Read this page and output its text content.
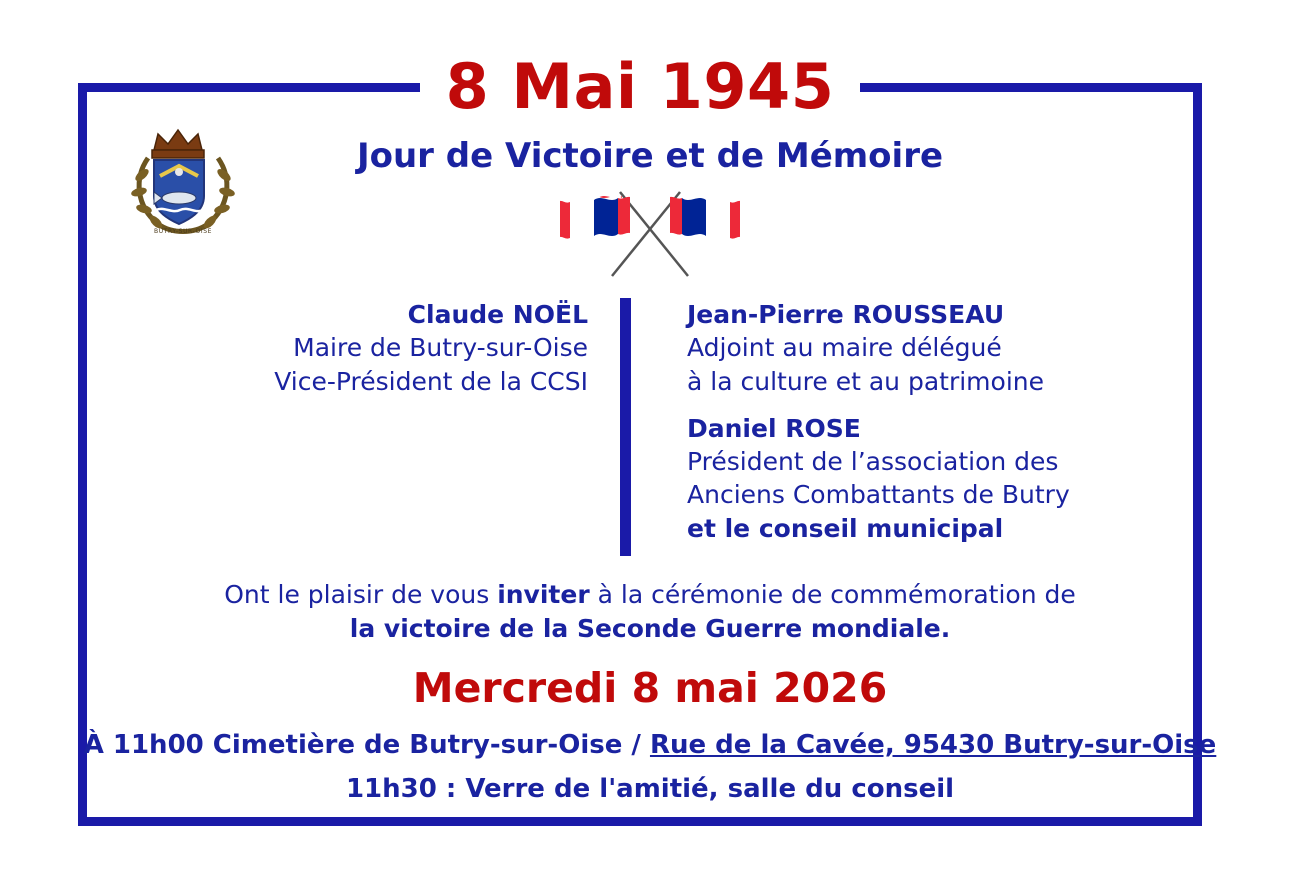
8 Mai 1945
Jour de Victoire et de Mémoire
BUTRY-SUR-OISE
Claude NOËL
Maire de Butry-sur-Oise
Vice-Président de la CCSI
Jean-Pierre ROUSSEAU
Adjoint au maire délégué
à la culture et au patrimoine
Daniel ROSE
Président de l’association des
Anciens Combattants de Butry
et le conseil municipal
Ont le plaisir de vous inviter à la cérémonie de commémoration de
la victoire de la Seconde Guerre mondiale.
Mercredi 8 mai 2026
À 11h00 Cimetière de Butry-sur-Oise / Rue de la Cavée, 95430 Butry-sur-Oise
11h30 : Verre de l'amitié, salle du conseil
